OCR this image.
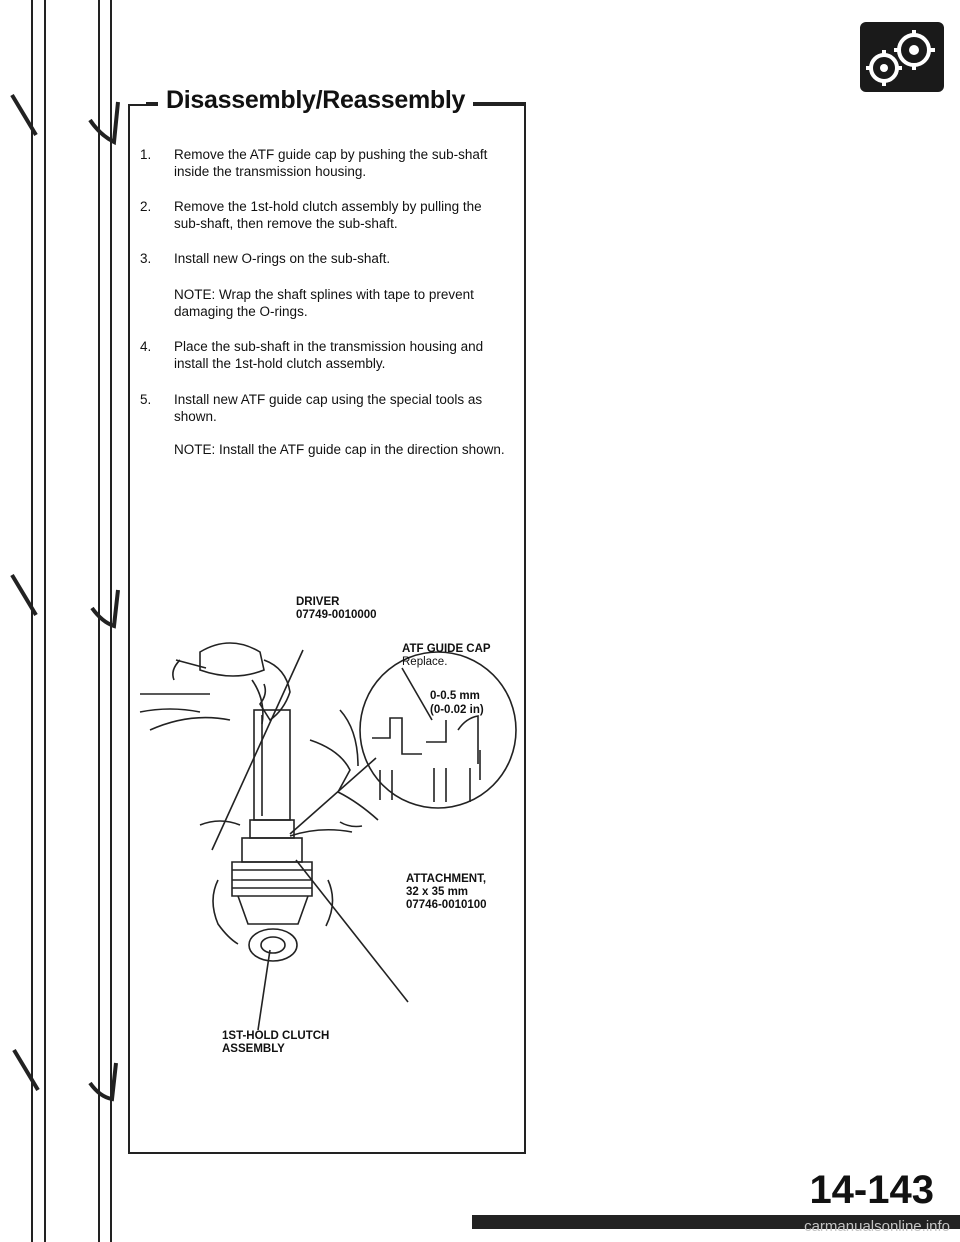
Disassembly/Reassembly
1.	Remove the ATF guide cap by pushing the sub-shaft inside the transmission housing.
2.	Remove the 1st-hold clutch assembly by pulling the sub-shaft, then remove the sub-shaft.
3.	Install new O-rings on the sub-shaft.
NOTE: Wrap the shaft splines with tape to prevent damaging the O-rings.
4.	Place the sub-shaft in the transmission housing and install the 1st-hold clutch assembly.
5.	Install new ATF guide cap using the special tools as shown.
NOTE: Install the ATF guide cap in the direction shown.
DRIVER
07749-0010000
ATF GUIDE CAP
Replace.
0-0.5 mm
(0-0.02 in)
ATTACHMENT,
32 x 35 mm
07746-0010100
1ST-HOLD CLUTCH
ASSEMBLY
14-143
carmanualsonline.info
